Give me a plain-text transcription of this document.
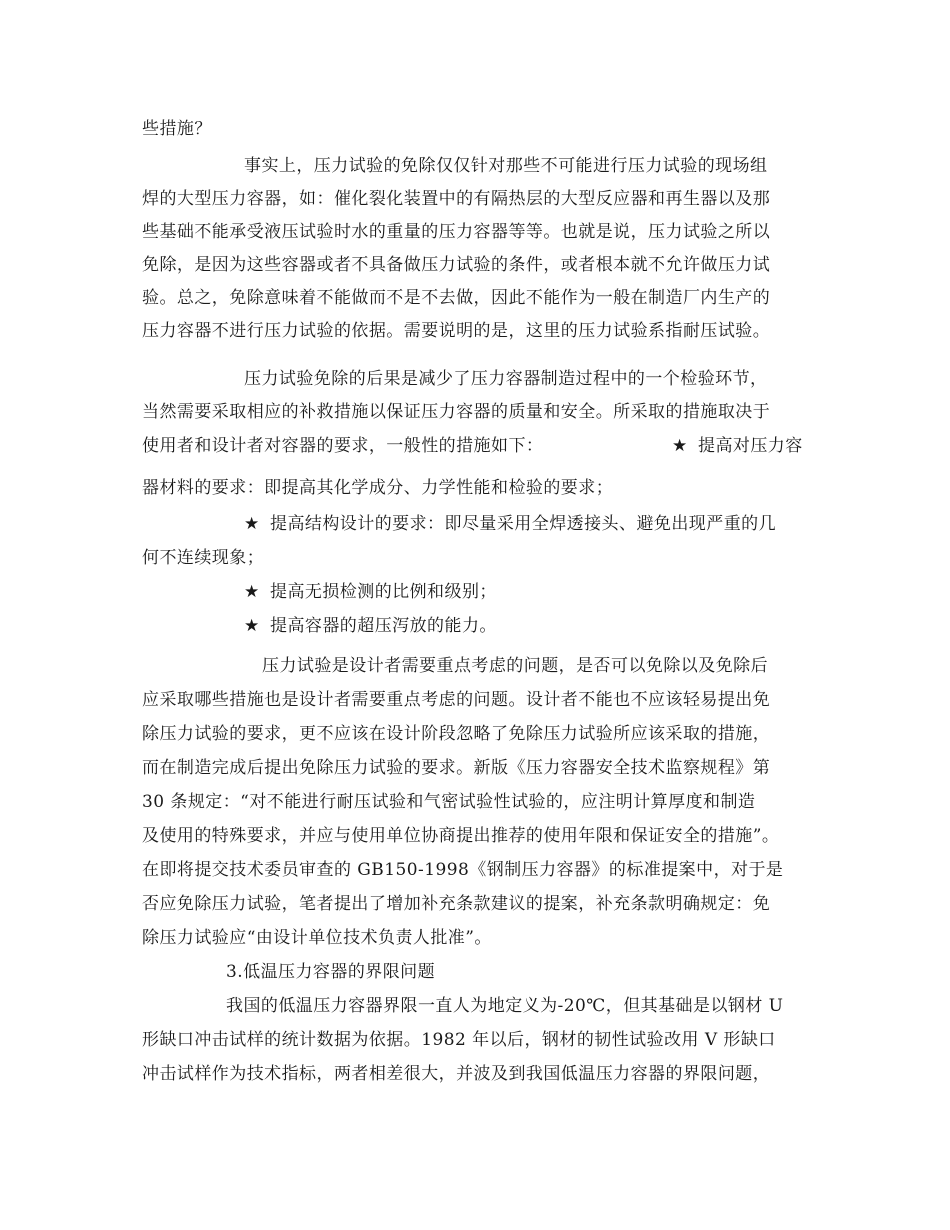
些措施？
事实上，压力试验的免除仅仅针对那些不可能进行压力试验的现场组
焊的大型压力容器，如：催化裂化装置中的有隔热层的大型反应器和再生器以及那
些基础不能承受液压试验时水的重量的压力容器等等。也就是说，压力试验之所以
免除，是因为这些容器或者不具备做压力试验的条件，或者根本就不允许做压力试
验。总之，免除意味着不能做而不是不去做，因此不能作为一般在制造厂内生产的
压力容器不进行压力试验的依据。需要说明的是，这里的压力试验系指耐压试验。
压力试验免除的后果是减少了压力容器制造过程中的一个检验环节，
当然需要采取相应的补救措施以保证压力容器的质量和安全。所采取的措施取决于
使用者和设计者对容器的要求，一般性的措施如下：	★ 提高对压力容
器材料的要求：即提高其化学成分、力学性能和检验的要求；
★ 提高结构设计的要求：即尽量采用全焊透接头、避免出现严重的几
何不连续现象；
★ 提高无损检测的比例和级别；
★ 提高容器的超压泻放的能力。
压力试验是设计者需要重点考虑的问题，是否可以免除以及免除后
应采取哪些措施也是设计者需要重点考虑的问题。设计者不能也不应该轻易提出免
除压力试验的要求，更不应该在设计阶段忽略了免除压力试验所应该采取的措施，
而在制造完成后提出免除压力试验的要求。新版《压力容器安全技术监察规程》第
30 条规定：“对不能进行耐压试验和气密试验性试验的，应注明计算厚度和制造
及使用的特殊要求，并应与使用单位协商提出推荐的使用年限和保证安全的措施”。
在即将提交技术委员审查的 GB150-1998《钢制压力容器》的标准提案中，对于是
否应免除压力试验，笔者提出了增加补充条款建议的提案，补充条款明确规定：免
除压力试验应“由设计单位技术负责人批准”。
3.低温压力容器的界限问题
我国的低温压力容器界限一直人为地定义为-20℃，但其基础是以钢材 U
形缺口冲击试样的统计数据为依据。1982 年以后，钢材的韧性试验改用 V 形缺口
冲击试样作为技术指标，两者相差很大，并波及到我国低温压力容器的界限问题，
